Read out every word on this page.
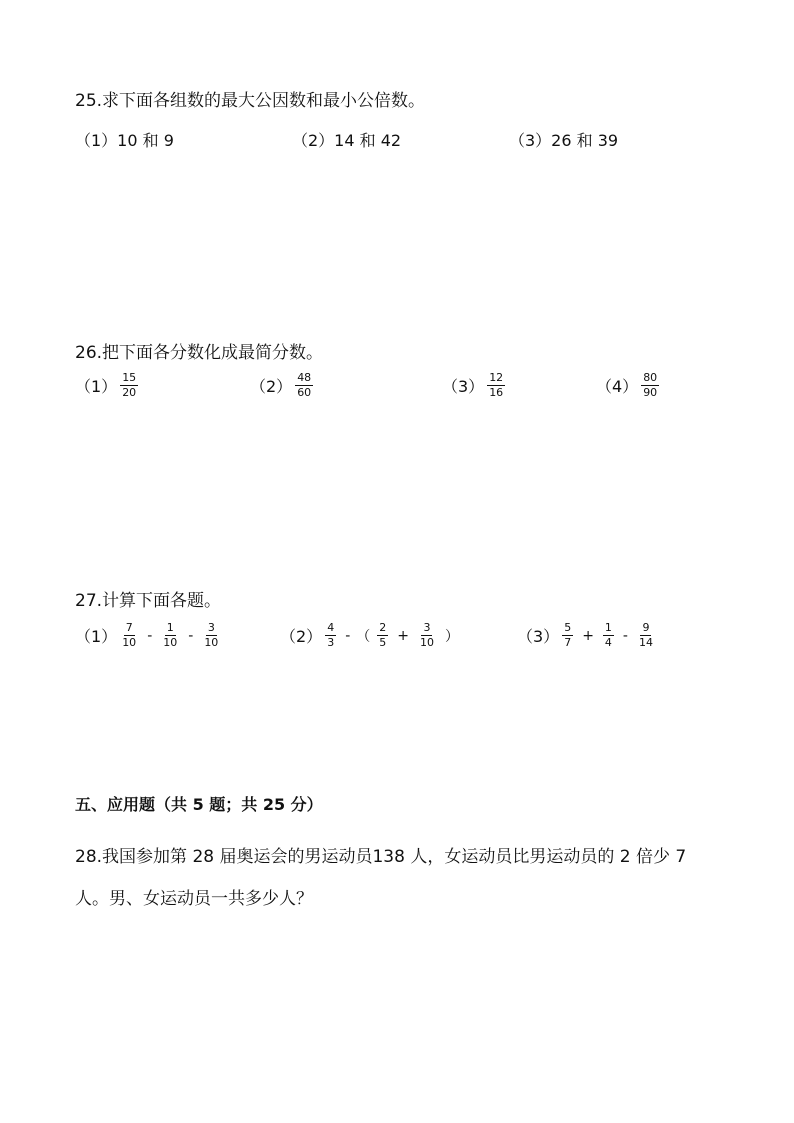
25.求下面各组数的最大公因数和最小公倍数。
（1）10 和 9	（2）14 和 42	（3）26 和 39
26.把下面各分数化成最简分数。
$(1) \frac{15}{20}$	$(2) \frac{48}{60}$	$(3) \frac{12}{16}$	$(4) \frac{80}{90}$
27.计算下面各题。
$(1) \frac{7}{10} - \frac{1}{10} - \frac{3}{10}$	$(2) \frac{4}{3}$ - （ $\frac{2}{5} + \frac{3}{10}$ ）	$(3) \frac{5}{7} + \frac{1}{4} - \frac{9}{14}$
五、应用题（共 5 题；共 25 分）
28.我国参加第 28 届奥运会的男运动员138 人，女运动员比男运动员的 2 倍少 7
人。男、女运动员一共多少人？
